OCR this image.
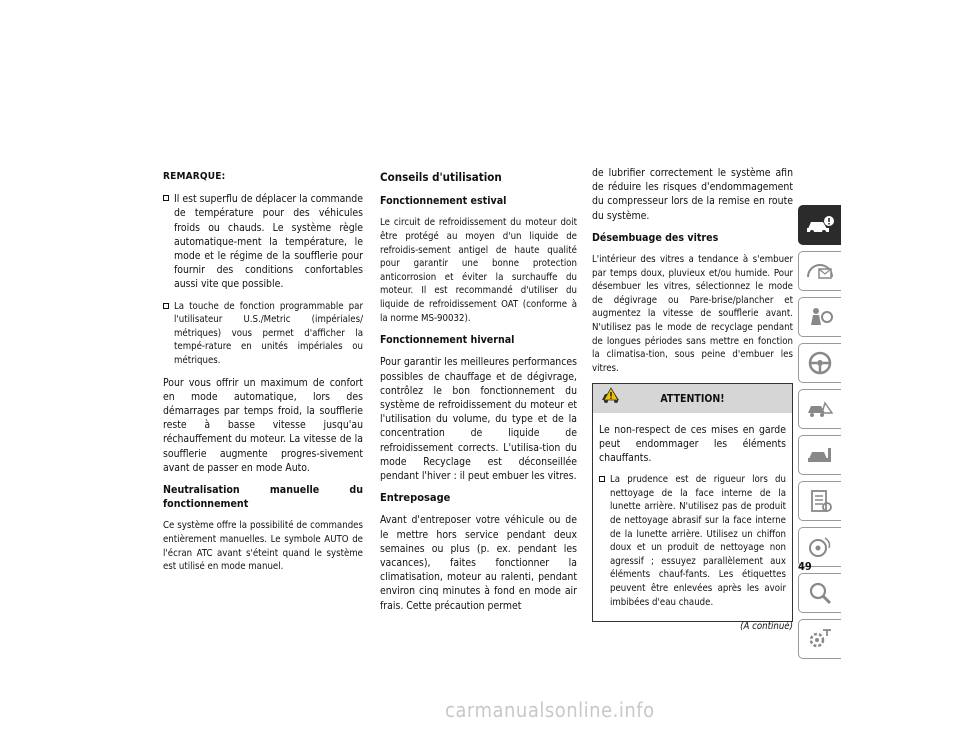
REMARQUE:
Il est superflu de déplacer la commande de température pour des véhicules froids ou chauds. Le système règle automatique-ment la température, le mode et le régime de la soufflerie pour fournir des conditions confortables aussi vite que possible.
La touche de fonction programmable par l'utilisateur U.S./Metric (impériales/ métriques) vous permet d'afficher la tempé-rature en unités impériales ou métriques.

Pour vous offrir un maximum de confort en mode automatique, lors des démarrages par temps froid, la soufflerie reste à basse vitesse jusqu'au réchauffement du moteur. La vitesse de la soufflerie augmente progres-sivement avant de passer en mode Auto.

Neutralisation manuelle du fonctionnement

Ce système offre la possibilité de commandes entièrement manuelles. Le symbole AUTO de l'écran ATC avant s'éteint quand le système est utilisé en mode manuel.

Conseils d'utilisation
Fonctionnement estival

Le circuit de refroidissement du moteur doit être protégé au moyen d'un liquide de refroidis-sement antigel de haute qualité pour garantir une bonne protection anticorrosion et éviter la surchauffe du moteur. Il est recommandé d'utiliser du liquide de refroidissement OAT (conforme à la norme MS-90032).

Fonctionnement hivernal

Pour garantir les meilleures performances possibles de chauffage et de dégivrage, contrôlez le bon fonctionnement du système de refroidissement du moteur et l'utilisation du volume, du type et de la concentration de liquide de refroidissement corrects. L'utilisa-tion du mode Recyclage est déconseillée pendant l'hiver : il peut embuer les vitres.

Entreposage

Avant d'entreposer votre véhicule ou de le mettre hors service pendant deux semaines ou plus (p. ex. pendant les vacances), faites fonctionner la climatisation, moteur au ralenti, pendant environ cinq minutes à fond en mode air frais. Cette précaution permet

de lubrifier correctement le système afin de réduire les risques d'endommagement du compresseur lors de la remise en route du système.

Désembuage des vitres

L'intérieur des vitres a tendance à s'embuer par temps doux, pluvieux et/ou humide. Pour désembuer les vitres, sélectionnez le mode de dégivrage ou Pare-brise/plancher et augmentez la vitesse de soufflerie avant. N'utilisez pas le mode de recyclage pendant de longues périodes sans mettre en fonction la climatisa-tion, sous peine d'embuer les vitres.

ATTENTION!

Le non-respect de ces mises en garde peut endommager les éléments chauffants.

La prudence est de rigueur lors du nettoyage de la face interne de la lunette arrière. N'utilisez pas de produit de nettoyage abrasif sur la face interne de la lunette arrière. Utilisez un chiffon doux et un produit de nettoyage non agressif ; essuyez parallèlement aux éléments chauf-fants. Les étiquettes peuvent être enlevées après les avoir imbibées d'eau chaude.
(A continué)
49
carmanualsonline.info
